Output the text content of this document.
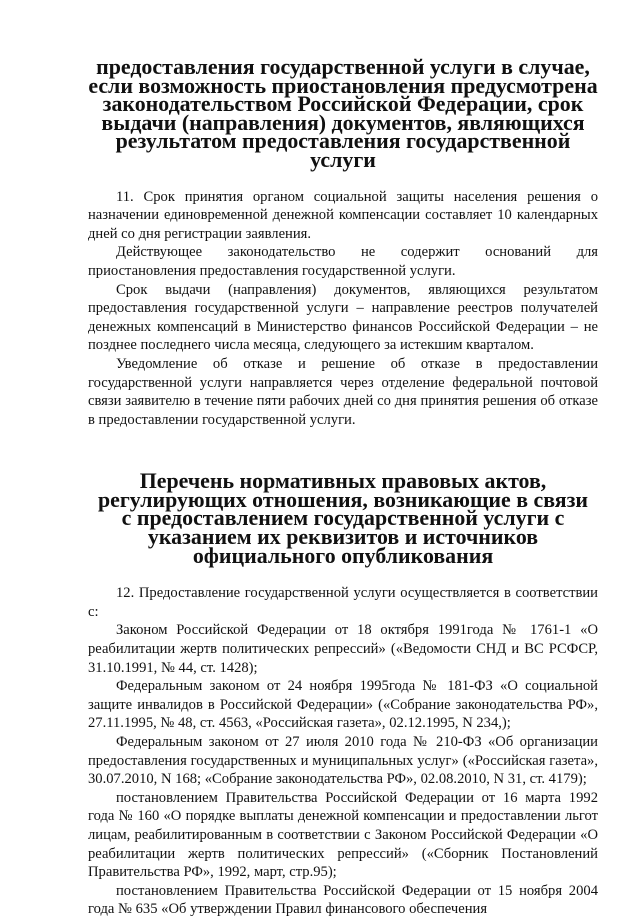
предоставления государственной услуги в случае, если возможность приостановления предусмотрена законодательством Российской Федерации, срок выдачи (направления) документов, являющихся результатом предоставления государственной услуги

11. Срок принятия органом социальной защиты населения решения о назначении единовременной денежной компенсации составляет 10 календарных дней со дня регистрации заявления.

Действующее законодательство не содержит оснований для приостановления предоставления государственной услуги.

Срок выдачи (направления) документов, являющихся результатом предоставления государственной услуги – направление реестров получателей денежных компенсаций в Министерство финансов Российской Федерации – не позднее последнего числа месяца, следующего за истекшим кварталом.

Уведомление об отказе и решение об отказе в предоставлении государственной услуги направляется через отделение федеральной почтовой связи заявителю в течение пяти рабочих дней со дня принятия решения об отказе в предоставлении государственной услуги.

Перечень нормативных правовых актов, регулирующих отношения, возникающие в связи с предоставлением государственной услуги с указанием их реквизитов и источников официального опубликования

12. Предоставление государственной услуги осуществляется в соответствии с:

Законом Российской Федерации от 18 октября 1991года № 1761-1 «О реабилитации жертв политических репрессий» («Ведомости СНД и ВС РСФСР, 31.10.1991, № 44, ст. 1428);

Федеральным законом от 24 ноября 1995года № 181-ФЗ «О социальной защите инвалидов в Российской Федерации» («Собрание законодательства РФ», 27.11.1995, № 48, ст. 4563, «Российская газета», 02.12.1995, N 234,);

Федеральным законом от 27 июля 2010 года № 210-ФЗ «Об организации предоставления государственных и муниципальных услуг» («Российская газета», 30.07.2010, N 168; «Собрание законодательства РФ», 02.08.2010, N 31, ст. 4179);

постановлением Правительства Российской Федерации от 16 марта 1992 года № 160 «О порядке выплаты денежной компенсации и предоставлении льгот лицам, реабилитированным в соответствии с Законом Российской Федерации «О реабилитации жертв политических репрессий» («Сборник Постановлений Правительства РФ», 1992, март, стр.95);

постановлением Правительства Российской Федерации от 15 ноября 2004 года № 635 «Об утверждении Правил финансового обеспечения
